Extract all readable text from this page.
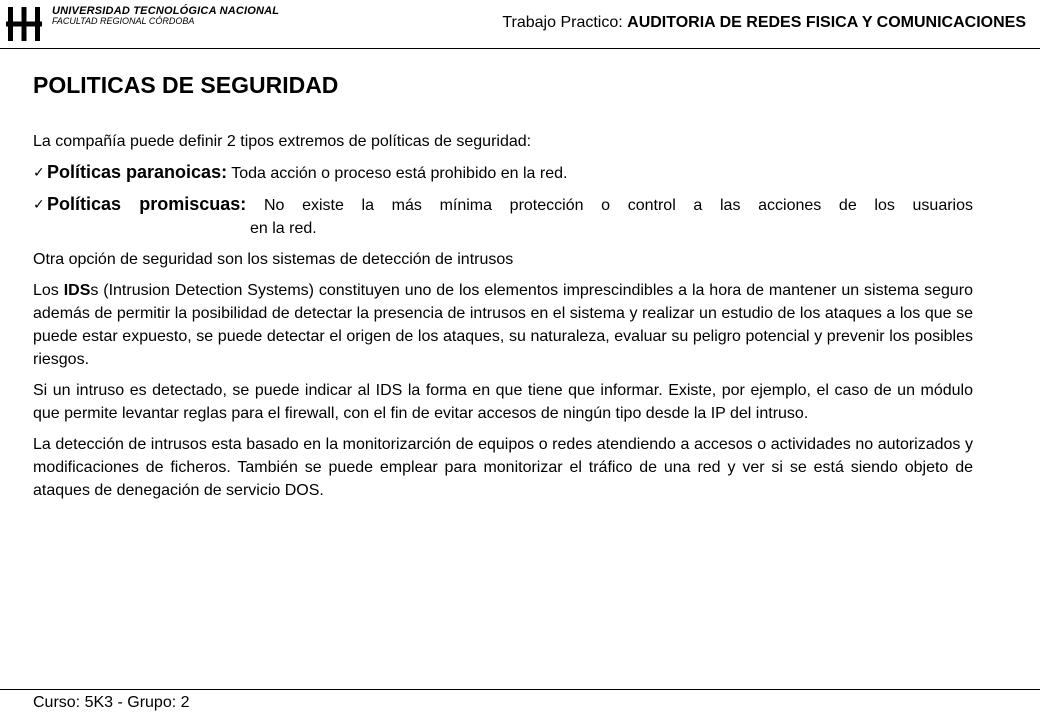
UNIVERSIDAD TECNOLÓGICA NACIONAL
FACULTAD REGIONAL CÓRDOBA	Trabajo Practico: AUDITORIA DE REDES FISICA Y COMUNICACIONES
POLITICAS DE SEGURIDAD

La compañía puede definir 2 tipos extremos de políticas de seguridad:

✓ Políticas paranoicas: Toda acción o proceso está prohibido en la red.
✓ Políticas promiscuas: No existe la más mínima protección o control a las acciones de los usuarios
en la red.

Otra opción de seguridad son los sistemas de detección de intrusos

Los IDSs (Intrusion Detection Systems) constituyen uno de los elementos imprescindibles a la hora de mantener un sistema seguro además de permitir la posibilidad de detectar la presencia de intrusos en el sistema y realizar un estudio de los ataques a los que se puede estar expuesto, se puede detectar el origen de los ataques, su naturaleza, evaluar su peligro potencial y prevenir los posibles riesgos.

Si un intruso es detectado, se puede indicar al IDS la forma en que tiene que informar. Existe, por ejemplo, el caso de un módulo que permite levantar reglas para el firewall, con el fin de evitar accesos de ningún tipo desde la IP del intruso.

La detección de intrusos esta basado en la monitorizarción de equipos o redes atendiendo a accesos o actividades no autorizados y modificaciones de ficheros. También se puede emplear para monitorizar el tráfico de una red y ver si se está siendo objeto de ataques de denegación de servicio DOS.

Curso: 5K3 - Grupo: 2
